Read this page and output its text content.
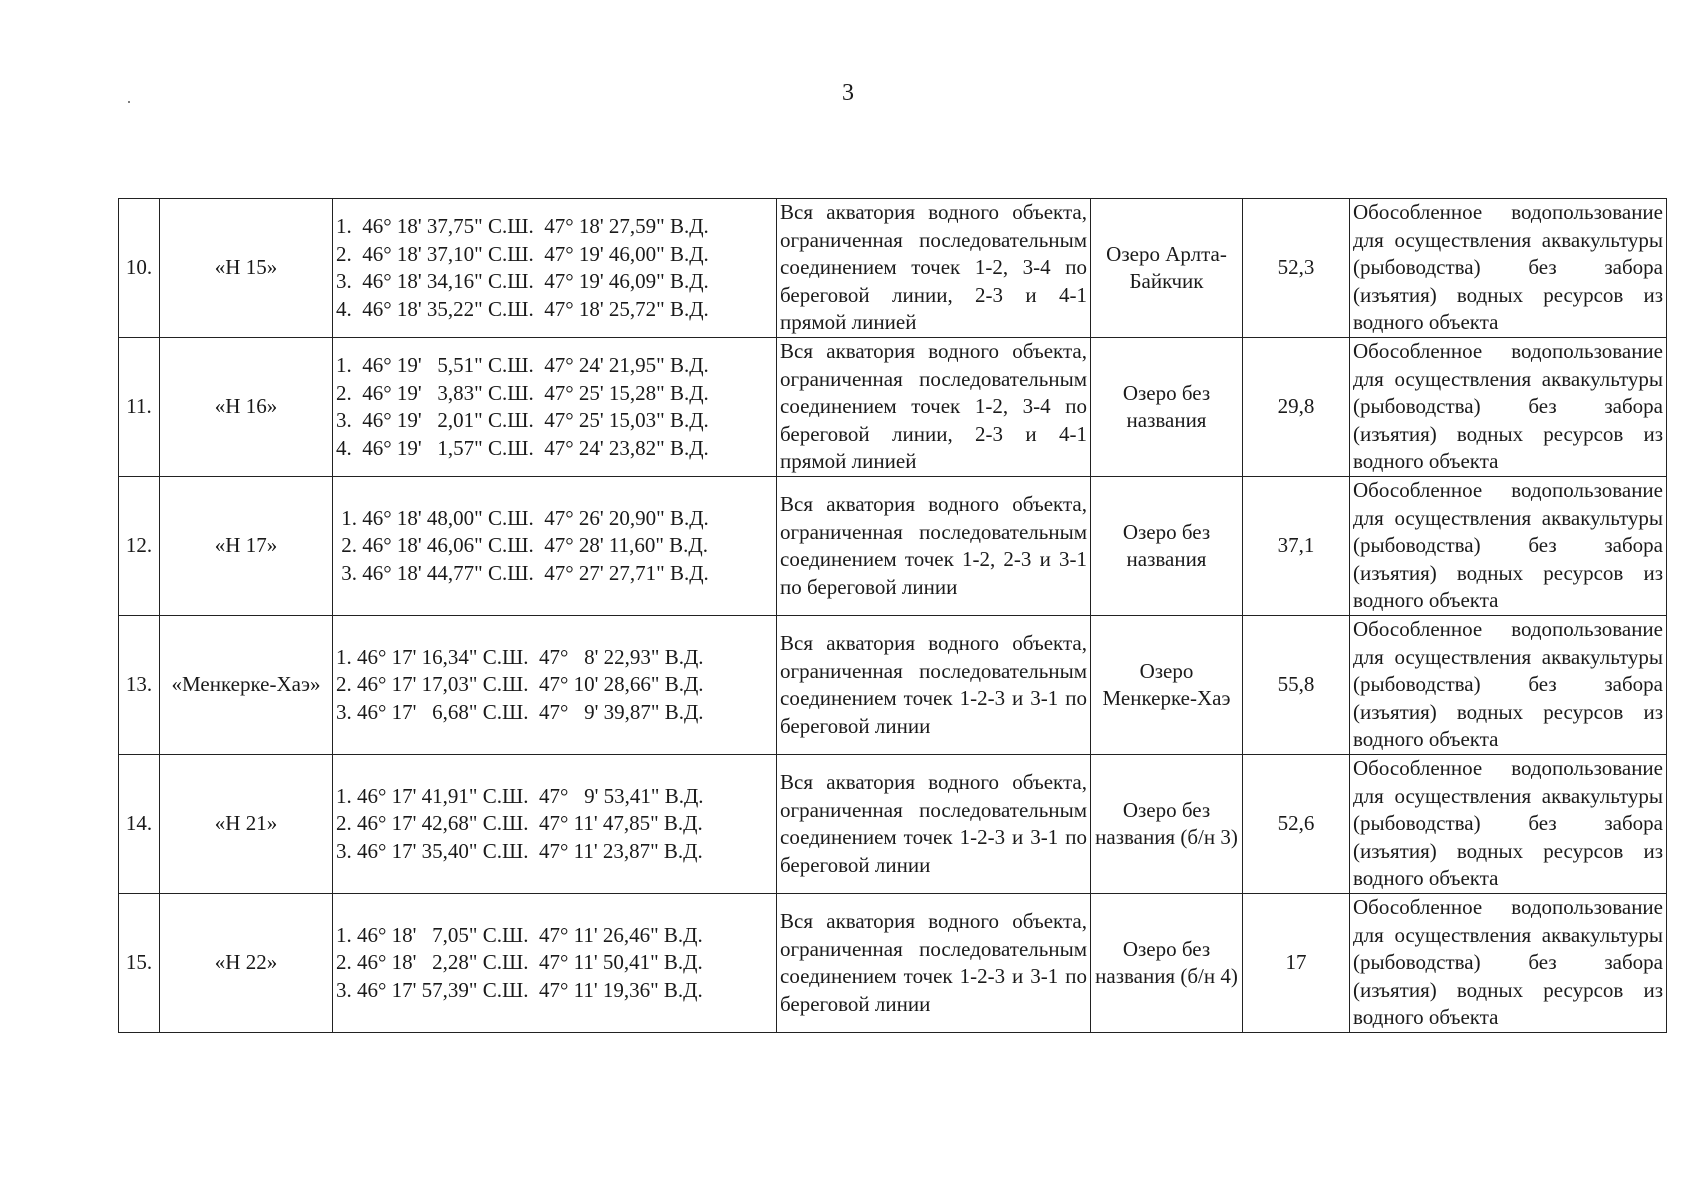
3
10.	«Н 15»	1.  46° 18' 37,75" С.Ш.  47° 18' 27,59" В.Д.
2.  46° 18' 37,10" С.Ш.  47° 19' 46,00" В.Д.
3.  46° 18' 34,16" С.Ш.  47° 19' 46,09" В.Д.
4.  46° 18' 35,22" С.Ш.  47° 18' 25,72" В.Д.	Вся акватория водного объекта, ограниченная последовательным соединением точек 1-2, 3-4 по береговой линии, 2-3 и 4-1 прямой линией	Озеро Арлта-Байкчик	52,3	Обособленное водопользование для осуществления аквакультуры (рыбоводства) без забора (изъятия) водных ресурсов из водного объекта
11.	«Н 16»	1.  46° 19'   5,51" С.Ш.  47° 24' 21,95" В.Д.
2.  46° 19'   3,83" С.Ш.  47° 25' 15,28" В.Д.
3.  46° 19'   2,01" С.Ш.  47° 25' 15,03" В.Д.
4.  46° 19'   1,57" С.Ш.  47° 24' 23,82" В.Д.	Вся акватория водного объекта, ограниченная последовательным соединением точек 1-2, 3-4 по береговой линии, 2-3 и 4-1 прямой линией	Озеро без названия	29,8	Обособленное водопользование для осуществления аквакультуры (рыбоводства) без забора (изъятия) водных ресурсов из водного объекта
12.	«Н 17»	1. 46° 18' 48,00" С.Ш.  47° 26' 20,90" В.Д.
2. 46° 18' 46,06" С.Ш.  47° 28' 11,60" В.Д.
3. 46° 18' 44,77" С.Ш.  47° 27' 27,71" В.Д.	Вся акватория водного объекта, ограниченная последовательным соединением точек 1-2, 2-3 и 3-1 по береговой линии	Озеро без названия	37,1	Обособленное водопользование для осуществления аквакультуры (рыбоводства) без забора (изъятия) водных ресурсов из водного объекта
13.	«Менкерке-Хаэ»	1. 46° 17' 16,34" С.Ш.  47°   8' 22,93" В.Д.
2. 46° 17' 17,03" С.Ш.  47° 10' 28,66" В.Д.
3. 46° 17'   6,68" С.Ш.  47°   9' 39,87" В.Д.	Вся акватория водного объекта, ограниченная последовательным соединением точек 1-2-3 и 3-1 по береговой линии	Озеро Менкерке-Хаэ	55,8	Обособленное водопользование для осуществления аквакультуры (рыбоводства) без забора (изъятия) водных ресурсов из водного объекта
14.	«Н 21»	1. 46° 17' 41,91" С.Ш.  47°   9' 53,41" В.Д.
2. 46° 17' 42,68" С.Ш.  47° 11' 47,85" В.Д.
3. 46° 17' 35,40" С.Ш.  47° 11' 23,87" В.Д.	Вся акватория водного объекта, ограниченная последовательным соединением точек 1-2-3 и 3-1 по береговой линии	Озеро без названия (б/н 3)	52,6	Обособленное водопользование для осуществления аквакультуры (рыбоводства) без забора (изъятия) водных ресурсов из водного объекта
15.	«Н 22»	1. 46° 18'   7,05" С.Ш.  47° 11' 26,46" В.Д.
2. 46° 18'   2,28" С.Ш.  47° 11' 50,41" В.Д.
3. 46° 17' 57,39" С.Ш.  47° 11' 19,36" В.Д.	Вся акватория водного объекта, ограниченная последовательным соединением точек 1-2-3 и 3-1 по береговой линии	Озеро без названия (б/н 4)	17	Обособленное водопользование для осуществления аквакультуры (рыбоводства) без забора (изъятия) водных ресурсов из водного объекта
